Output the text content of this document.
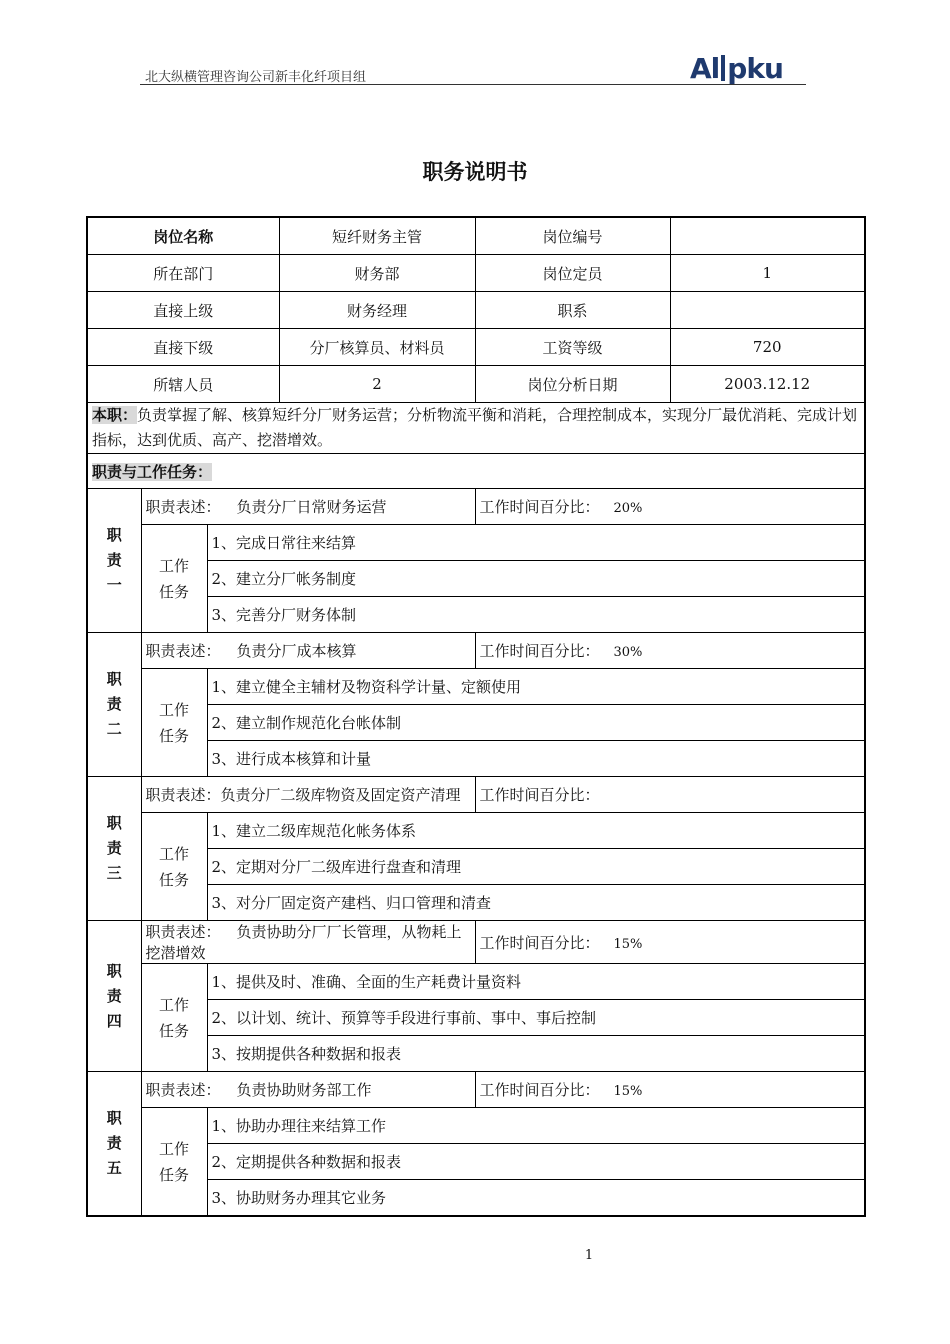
北大纵横管理咨询公司新丰化纤项目组	Al pku
职务说明书
岗位名称			短纤财务主管	岗位编号	
所在部门			财务部	岗位定员	1
直接上级			财务经理	职系	
直接下级			分厂核算员、材料员	工资等级	720
所辖人员			2	岗位分析日期	2003.12.12
本职：负责掌握了解、核算短纤分厂财务运营；分析物流平衡和消耗，合理控制成本，实现分厂最优消耗、完成计划指标，达到优质、高产、挖潜增效。					
职责与工作任务：					
职
责
一	职责表述： 负责分厂日常财务运营			工作时间百分比： 20%	
	工作
任务	1、完成日常往来结算			
		2、建立分厂帐务制度			
		3、完善分厂财务体制			
职
责
二	职责表述： 负责分厂成本核算			工作时间百分比： 30%	
	工作
任务	1、建立健全主辅材及物资科学计量、定额使用			
		2、建立制作规范化台帐体制			
		3、进行成本核算和计量			
职
责
三	职责表述：负责分厂二级库物资及固定资产清理			工作时间百分比：	
	工作
任务	1、建立二级库规范化帐务体系			
		2、定期对分厂二级库进行盘查和清理			
		3、对分厂固定资产建档、归口管理和清查			
职
责
四	职责表述： 负责协助分厂厂长管理，从物耗上挖潜增效			工作时间百分比： 15%	
	工作
任务	1、提供及时、准确、全面的生产耗费计量资料			
		2、以计划、统计、预算等手段进行事前、事中、事后控制			
		3、按期提供各种数据和报表			
职
责
五	职责表述： 负责协助财务部工作			工作时间百分比： 15%	
	工作
任务	1、协助办理往来结算工作			
		2、定期提供各种数据和报表			
		3、协助财务办理其它业务			
1
